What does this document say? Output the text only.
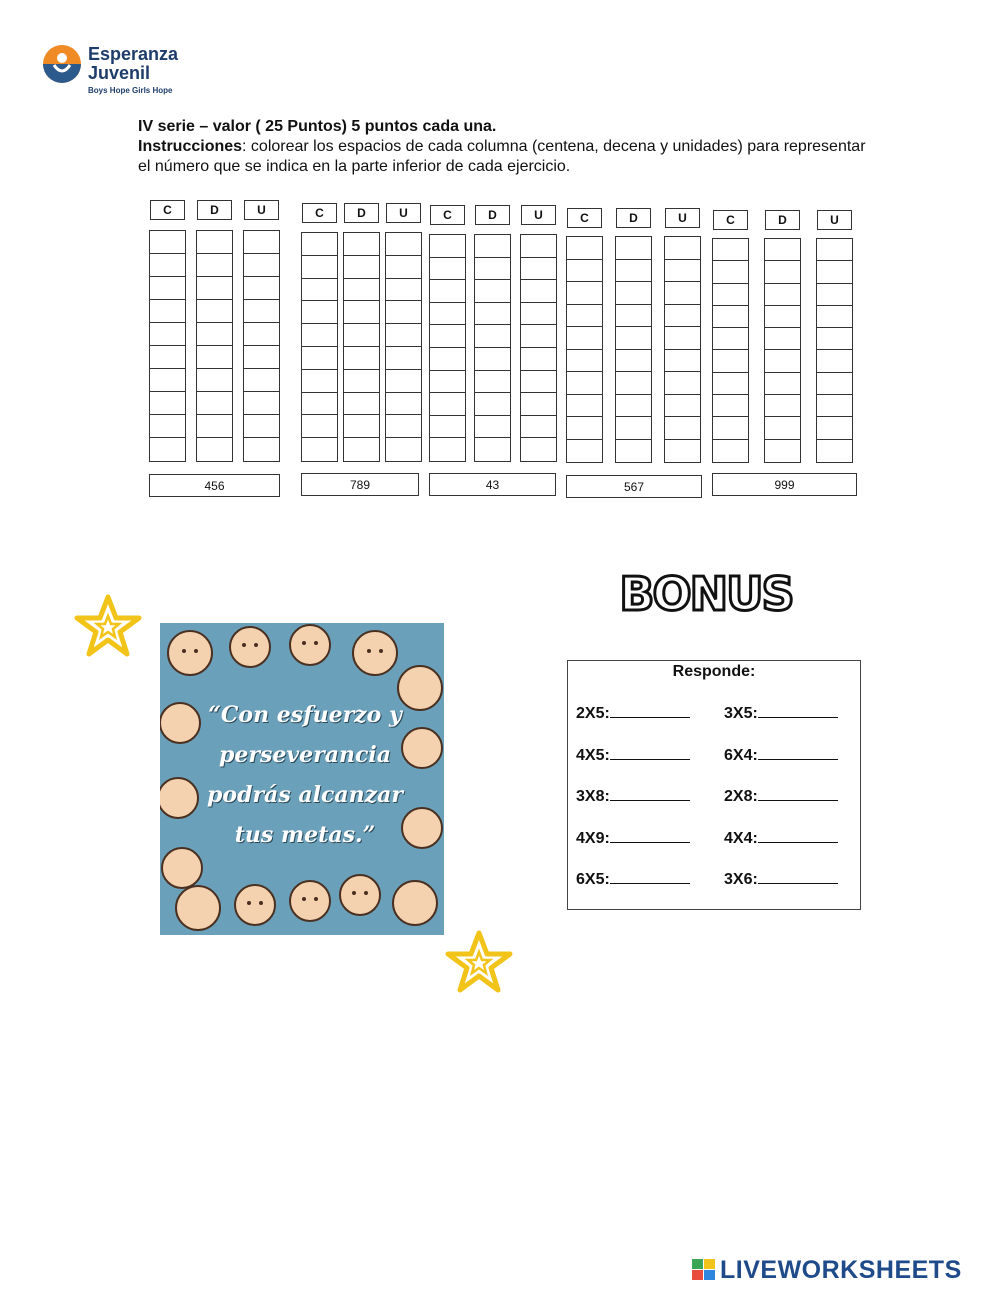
Esperanza
Juvenil
Boys Hope Girls Hope
IV serie – valor ( 25 Puntos) 5 puntos cada una.
Instrucciones: colorear los espacios de cada columna (centena, decena y unidades) para representar el número que se indica en la parte inferior de cada ejercicio.
C	D	U
456
C	D	U
789
C	D	U
43
C	D	U
567
C	D	U
999
“Con esfuerzo y
perseverancia
podrás alcanzar
tus metas.”
BONUS
Responde:
2X5:	3X5:
4X5:	6X4:
3X8:	2X8:
4X9:	4X4:
6X5:	3X6:
LIVEWORKSHEETS
